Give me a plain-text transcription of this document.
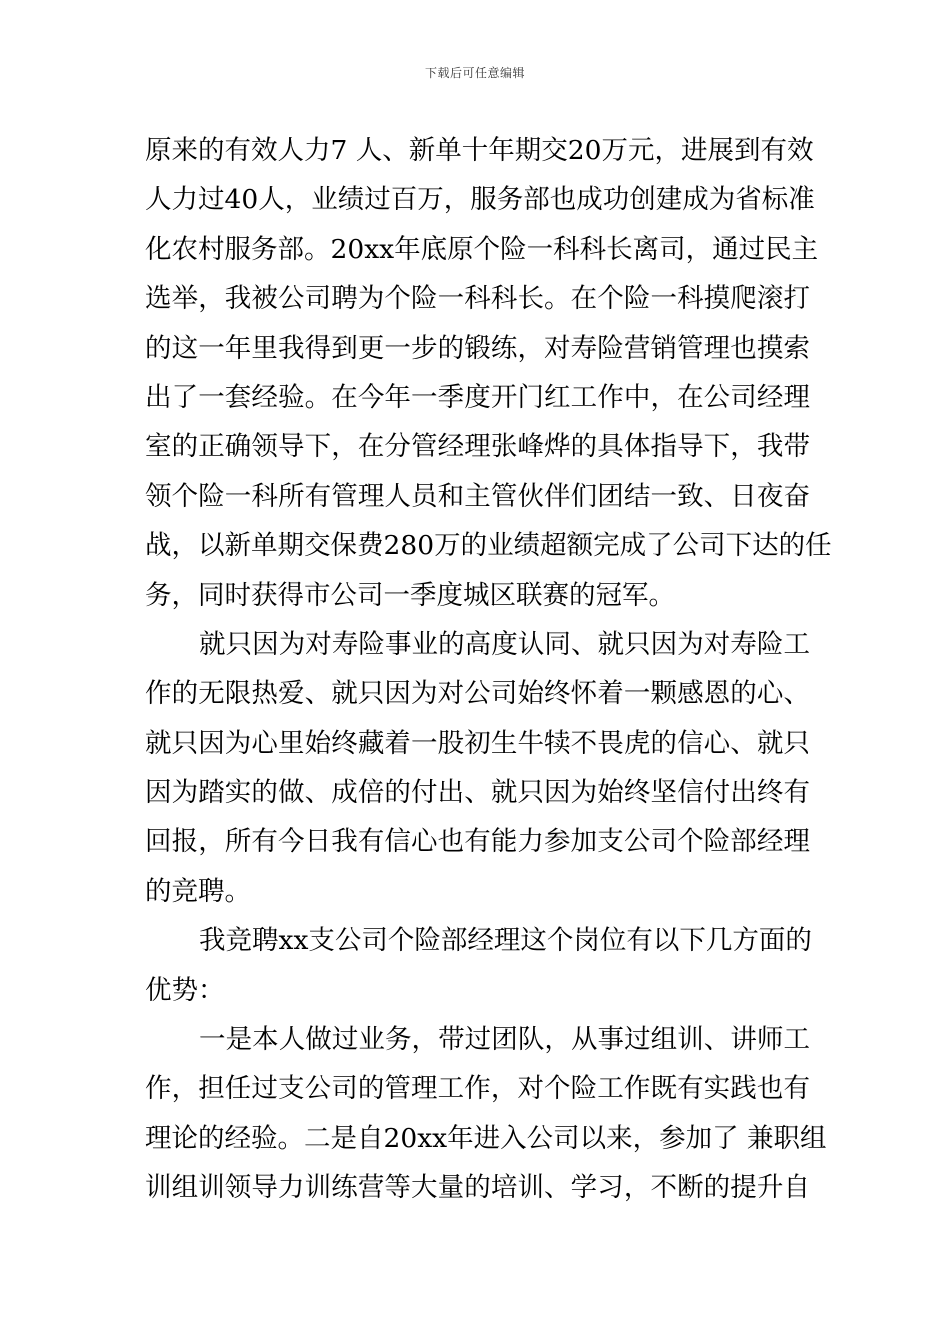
下载后可任意编辑
原来的有效人力7 人、新单十年期交20万元，进展到有效
人力过40人，业绩过百万，服务部也成功创建成为省标准
化农村服务部。20xx年底原个险一科科长离司，通过民主
选举，我被公司聘为个险一科科长。在个险一科摸爬滚打
的这一年里我得到更一步的锻练，对寿险营销管理也摸索
出了一套经验。在今年一季度开门红工作中，在公司经理
室的正确领导下，在分管经理张峰烨的具体指导下，我带
领个险一科所有管理人员和主管伙伴们团结一致、日夜奋
战，以新单期交保费280万的业绩超额完成了公司下达的任
务，同时获得市公司一季度城区联赛的冠军。
就只因为对寿险事业的高度认同、就只因为对寿险工
作的无限热爱、就只因为对公司始终怀着一颗感恩的心、
就只因为心里始终藏着一股初生牛犊不畏虎的信心、就只
因为踏实的做、成倍的付出、就只因为始终坚信付出终有
回报，所有今日我有信心也有能力参加支公司个险部经理
的竞聘。
我竞聘xx支公司个险部经理这个岗位有以下几方面的
优势：
一是本人做过业务，带过团队，从事过组训、讲师工
作，担任过支公司的管理工作，对个险工作既有实践也有
理论的经验。二是自20xx年进入公司以来，参加了 兼职组
训组训领导力训练营等大量的培训、学习，不断的提升自
